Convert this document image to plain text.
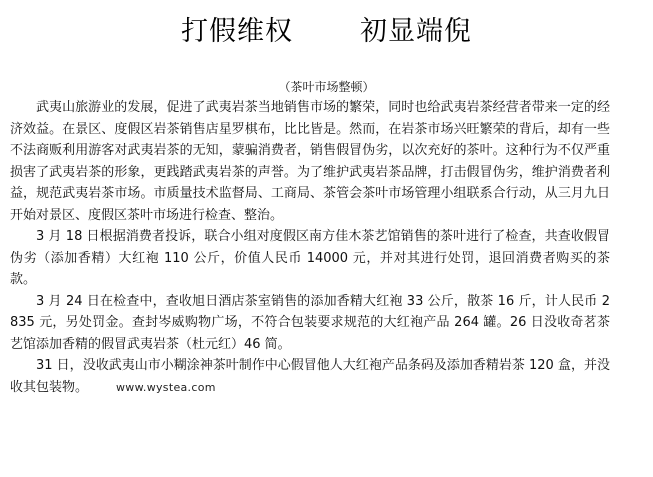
打假维权       初显端倪
（茶叶市场整顿）

武夷山旅游业的发展，促进了武夷岩茶当地销售市场的繁荣，同时也给武夷岩茶经营者带来一定的经济效益。在景区、度假区岩茶销售店星罗棋布，比比皆是。然而，在岩茶市场兴旺繁荣的背后，却有一些不法商贩利用游客对武夷岩茶的无知，蒙骗消费者，销售假冒伪劣，以次充好的茶叶。这种行为不仅严重损害了武夷岩茶的形象，更践踏武夷岩茶的声誉。为了维护武夷岩茶品牌，打击假冒伪劣，维护消费者利益，规范武夷岩茶市场。市质量技术监督局、工商局、茶管会茶叶市场管理小组联系合行动，从三月九日开始对景区、度假区茶叶市场进行检查、整治。

3 月 18 日根据消费者投诉，联合小组对度假区南方佳木茶艺馆销售的茶叶进行了检查，共查收假冒伪劣（添加香精）大红袍 110 公斤，价值人民币 14000 元，并对其进行处罚，退回消费者购买的茶款。

3 月 24 日在检查中，查收旭日酒店茶室销售的添加香精大红袍 33 公斤，散茶 16 斤，计人民币 2835 元，另处罚金。查封岑威购物广场，不符合包装要求规范的大红袍产品 264 罐。26 日没收奇茗茶艺馆添加香精的假冒武夷岩茶（杜元红）46 简。

31 日，没收武夷山市小糊涂神茶叶制作中心假冒他人大红袍产品条码及添加香精岩茶 120 盒，并没收其包装物。	www.wystea.com
